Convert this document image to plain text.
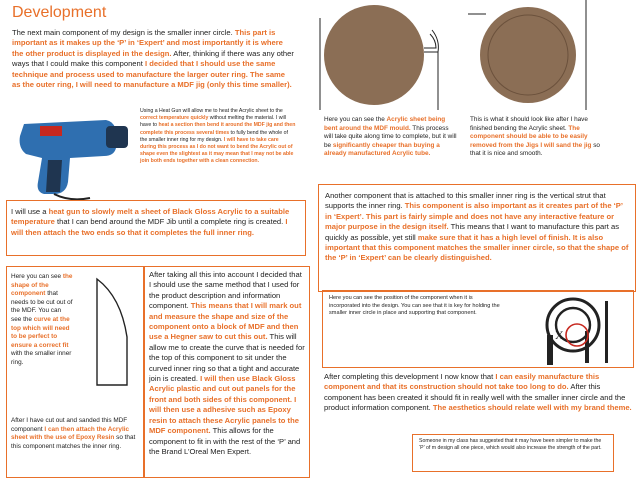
Development
The next main component of my design is the smaller inner circle. This part is important as it makes up the ‘P’ in ‘Expert’ and most importantly it is where the other product is displayed in the design. After, thinking if there was any other ways that I could make this component I decided that I should use the same technique and process used to manufacture the larger outer ring. The same as the outer ring, I will need to manufacture a MDF jig (only this time smaller).
Using a Heat Gun will allow me to heat the Acrylic sheet to the correct temperature quickly without melting the material. I will have to heat a section then bend it around the MDF jig and then complete this process several times to fully bend the whole of the smaller inner ring for my design. I will have to take care during this process as I do not want to bend the Acrylic out of shape even the slightest as it may mean that I may not be able join both ends together with a clean connection.
I will use a heat gun to slowly melt a sheet of Black Gloss Acrylic to a suitable temperature that I can bend around the MDF Jib until a complete ring is created. I will then attach the two ends so that it completes the full inner ring.
Here you can see the Acrylic sheet being bent around the MDF mould. This process will take quite along time to complete, but it will be significantly cheaper than buying a already manufactured Acrylic tube.
This is what it should look like after I have finished bending the Acrylic sheet. The component should be able to be easily removed from the Jigs I will sand the jig so that it is nice and smooth.
Another component that is attached to this smaller inner ring is the vertical strut that supports the inner ring. This component is also important as it creates part of the ‘P’ in ‘Expert’. This part is fairly simple and does not have any interactive feature or major purpose in the design itself. This means that I want to manufacture this part as quickly as possible, yet still make sure that it has a high level of finish. It is also important that this component matches the smaller inner circle, so that the shape of the ‘P’ in ‘Expert’ can be clearly distinguished.
Here you can see the shape of the component that needs to be cut out of the MDF. You can see the curve at the top which will need to be perfect to ensure a correct fit with the smaller inner ring.
After I have cut out and sanded this MDF component I can then attach the Acrylic sheet with the use of Epoxy Resin so that this component matches the inner ring.
After taking all this into account I decided that I should use the same method that I used for the product description and information component. This means that I will mark out and measure the shape and size of the component onto a block of MDF and then use a Hegner saw to cut this out. This will allow me to create the curve that is needed for the top of this component to sit under the curved inner ring so that a tight and accurate join is created. I will then use Black Gloss Acrylic plastic and cut out panels for the front and both sides of this component. I will then use a adhesive such as Epoxy resin to attach these Acrylic panels to the MDF component. This allows for the component to fit in with the rest of the ‘P’ and the Brand L’Oreal Men Expert.
Here you can see the position of the component when it is incorporated into the design. You can see that it is key for holding the smaller inner circle in place and supporting that component.
X
After completing this development I now know that I can easily manufacture this component and that its construction should not take too long to do. After this component has been created it should fit in really well with the smaller inner circle and the product information component. The aesthetics should relate well with my brand theme.
Someone in my class has suggested that it may have been simpler to make the ‘P’ of m design all one piece, which would also increase the strength of the part.
